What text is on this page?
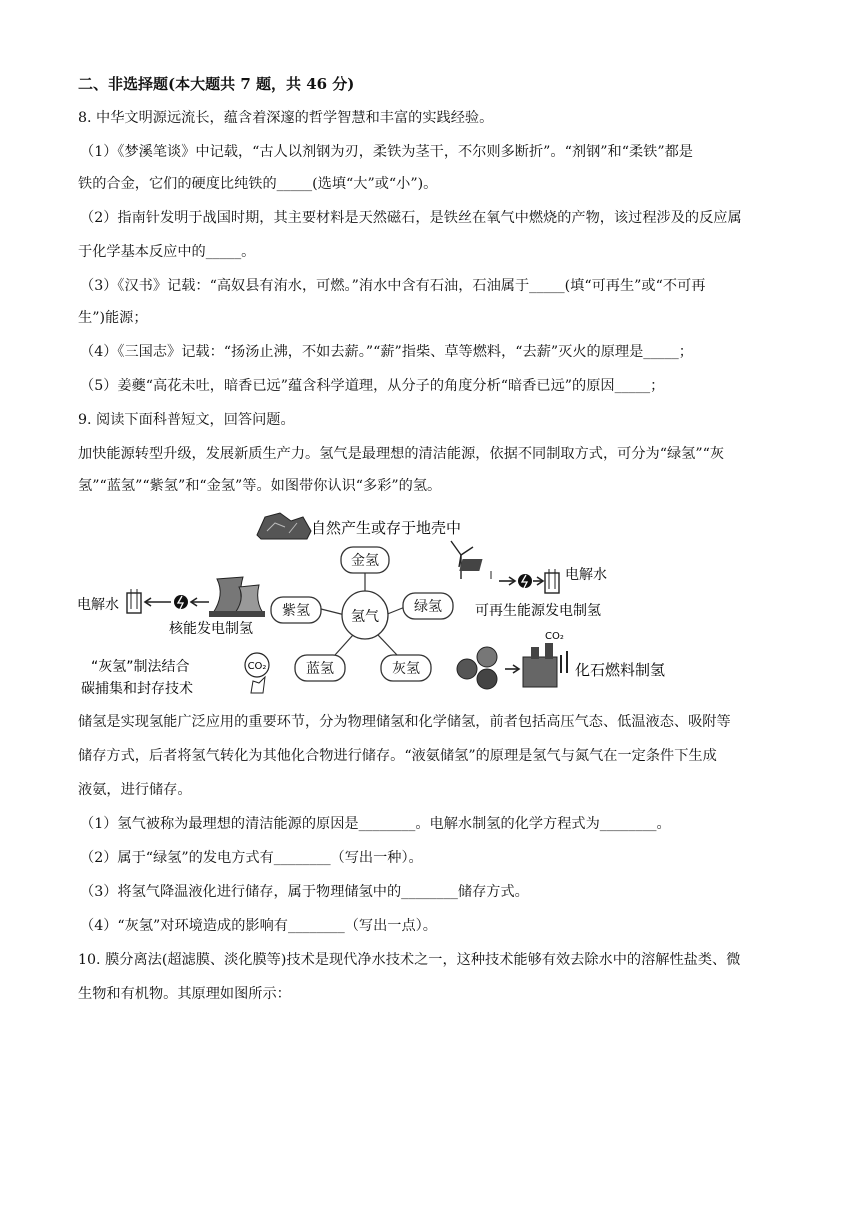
二、非选择题(本大题共 7 题，共 46 分)
8. 中华文明源远流长，蕴含着深邃的哲学智慧和丰富的实践经验。
（1）《梦溪笔谈》中记载，“古人以剂钢为刃，柔铁为茎干，不尔则多断折”。“剂钢”和“柔铁”都是
铁的合金，它们的硬度比纯铁的_____(选填“大”或“小”)。
（2）指南针发明于战国时期，其主要材料是天然磁石，是铁丝在氧气中燃烧的产物，该过程涉及的反应属
于化学基本反应中的_____。
（3）《汉书》记载：“高奴县有洧水，可燃。”洧水中含有石油，石油属于_____(填“可再生”或“不可再
生”)能源；
（4）《三国志》记载：“扬汤止沸，不如去薪。”“薪”指柴、草等燃料，“去薪”灭火的原理是_____；
（5）姜夔“高花未吐，暗香已远”蕴含科学道理，从分子的角度分析“暗香已远”的原因_____；
9. 阅读下面科普短文，回答问题。
加快能源转型升级，发展新质生产力。氢气是最理想的清洁能源，依据不同制取方式，可分为“绿氢”“灰
氢”“蓝氢”“紫氢”和“金氢”等。如图带你认识“多彩”的氢。
氢气
金氢
紫氢	绿氢
蓝氢	灰氢
自然产生或存于地壳中
电解水
核能发电制氢
“灰氢”制法结合
碳捕集和封存技术
CO₂
电解水
可再生能源发电制氢
CO₂
化石燃料制氢
储氢是实现氢能广泛应用的重要环节，分为物理储氢和化学储氢，前者包括高压气态、低温液态、吸附等
储存方式，后者将氢气转化为其他化合物进行储存。“液氨储氢”的原理是氢气与氮气在一定条件下生成
液氨，进行储存。
（1）氢气被称为最理想的清洁能源的原因是________。电解水制氢的化学方程式为________。
（2）属于“绿氢”的发电方式有________（写出一种）。
（3）将氢气降温液化进行储存，属于物理储氢中的________储存方式。
（4）“灰氢”对环境造成的影响有________（写出一点）。
10. 膜分离法(超滤膜、淡化膜等)技术是现代净水技术之一，这种技术能够有效去除水中的溶解性盐类、微
生物和有机物。其原理如图所示：
